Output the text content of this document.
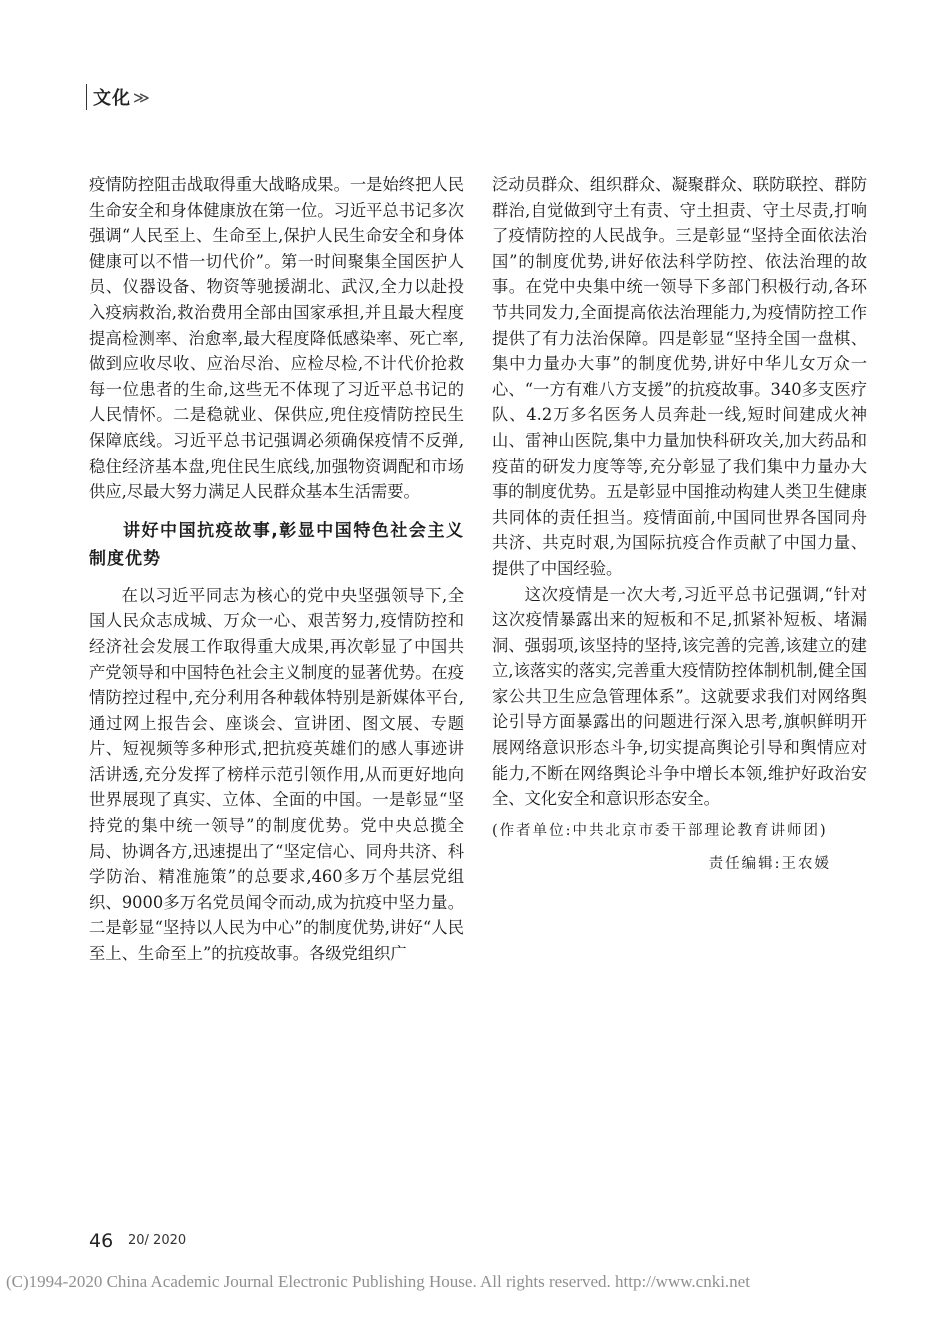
文化 ≫

疫情防控阻击战取得重大战略成果。一是始终把人民生命安全和身体健康放在第一位。习近平总书记多次强调“人民至上、生命至上,保护人民生命安全和身体健康可以不惜一切代价”。第一时间聚集全国医护人员、仪器设备、物资等驰援湖北、武汉,全力以赴投入疫病救治,救治费用全部由国家承担,并且最大程度提高检测率、治愈率,最大程度降低感染率、死亡率,做到应收尽收、应治尽治、应检尽检,不计代价抢救每一位患者的生命,这些无不体现了习近平总书记的人民情怀。二是稳就业、保供应,兜住疫情防控民生保障底线。习近平总书记强调必须确保疫情不反弹,稳住经济基本盘,兜住民生底线,加强物资调配和市场供应,尽最大努力满足人民群众基本生活需要。

讲好中国抗疫故事,彰显中国特色社会主义制度优势

在以习近平同志为核心的党中央坚强领导下,全国人民众志成城、万众一心、艰苦努力,疫情防控和经济社会发展工作取得重大成果,再次彰显了中国共产党领导和中国特色社会主义制度的显著优势。在疫情防控过程中,充分利用各种载体特别是新媒体平台,通过网上报告会、座谈会、宣讲团、图文展、专题片、短视频等多种形式,把抗疫英雄们的感人事迹讲活讲透,充分发挥了榜样示范引领作用,从而更好地向世界展现了真实、立体、全面的中国。一是彰显“坚持党的集中统一领导”的制度优势。党中央总揽全局、协调各方,迅速提出了“坚定信心、同舟共济、科学防治、精准施策”的总要求,460多万个基层党组织、9000多万名党员闻令而动,成为抗疫中坚力量。二是彰显“坚持以人民为中心”的制度优势,讲好“人民至上、生命至上”的抗疫故事。各级党组织广

泛动员群众、组织群众、凝聚群众、联防联控、群防群治,自觉做到守土有责、守土担责、守土尽责,打响了疫情防控的人民战争。三是彰显“坚持全面依法治国”的制度优势,讲好依法科学防控、依法治理的故事。在党中央集中统一领导下多部门积极行动,各环节共同发力,全面提高依法治理能力,为疫情防控工作提供了有力法治保障。四是彰显“坚持全国一盘棋、集中力量办大事”的制度优势,讲好中华儿女万众一心、“一方有难八方支援”的抗疫故事。340多支医疗队、4.2万多名医务人员奔赴一线,短时间建成火神山、雷神山医院,集中力量加快科研攻关,加大药品和疫苗的研发力度等等,充分彰显了我们集中力量办大事的制度优势。五是彰显中国推动构建人类卫生健康共同体的责任担当。疫情面前,中国同世界各国同舟共济、共克时艰,为国际抗疫合作贡献了中国力量、提供了中国经验。

这次疫情是一次大考,习近平总书记强调,“针对这次疫情暴露出来的短板和不足,抓紧补短板、堵漏洞、强弱项,该坚持的坚持,该完善的完善,该建立的建立,该落实的落实,完善重大疫情防控体制机制,健全国家公共卫生应急管理体系”。这就要求我们对网络舆论引导方面暴露出的问题进行深入思考,旗帜鲜明开展网络意识形态斗争,切实提高舆论引导和舆情应对能力,不断在网络舆论斗争中增长本领,维护好政治安全、文化安全和意识形态安全。

(作者单位:中共北京市委干部理论教育讲师团)

责任编辑:王农媛

46 20/ 2020
(C)1994-2020 China Academic Journal Electronic Publishing House. All rights reserved. http://www.cnki.net
